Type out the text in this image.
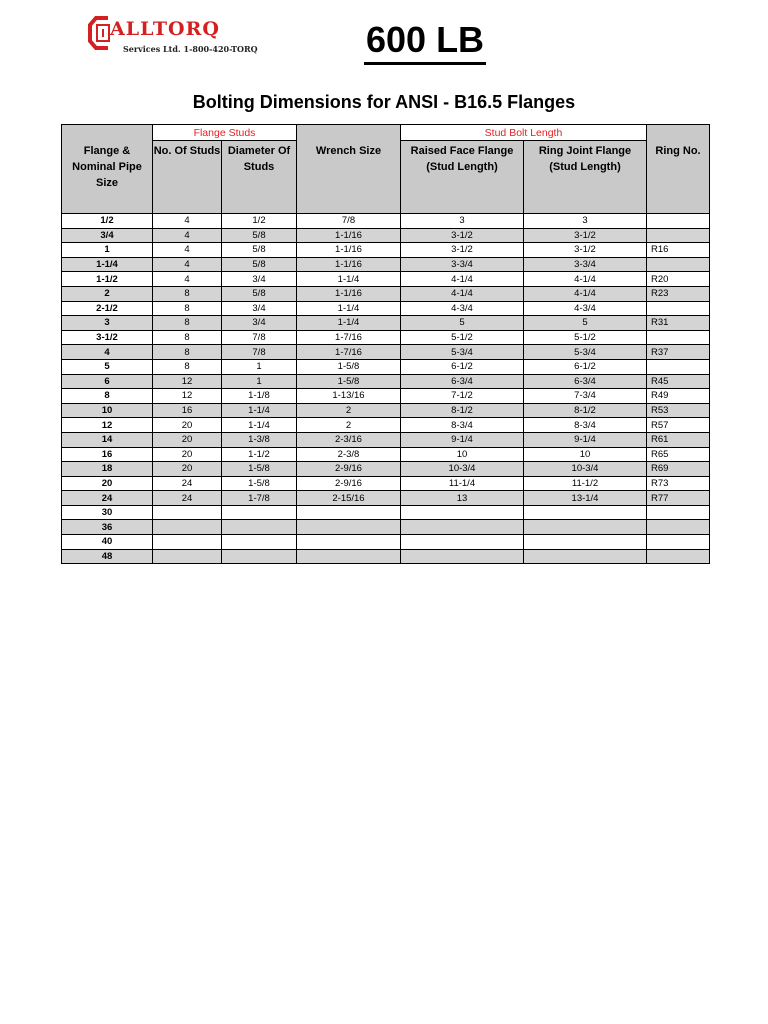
ALLTORQ
Services Ltd. 1-800-420-TORQ	600 LB
Bolting Dimensions for ANSI - B16.5 Flanges
Flange & Nominal Pipe Size	Flange Studs		Wrench Size	Stud Bolt Length		Ring No.
	No. Of Studs	Diameter Of Studs		Raised Face Flange (Stud Length)	Ring Joint Flange (Stud Length)	
1/2	4	1/2	7/8	3	3	
3/4	4	5/8	1-1/16	3-1/2	3-1/2	
1	4	5/8	1-1/16	3-1/2	3-1/2	R16
1-1/4	4	5/8	1-1/16	3-3/4	3-3/4	
1-1/2	4	3/4	1-1/4	4-1/4	4-1/4	R20
2	8	5/8	1-1/16	4-1/4	4-1/4	R23
2-1/2	8	3/4	1-1/4	4-3/4	4-3/4	
3	8	3/4	1-1/4	5	5	R31
3-1/2	8	7/8	1-7/16	5-1/2	5-1/2	
4	8	7/8	1-7/16	5-3/4	5-3/4	R37
5	8	1	1-5/8	6-1/2	6-1/2	
6	12	1	1-5/8	6-3/4	6-3/4	R45
8	12	1-1/8	1-13/16	7-1/2	7-3/4	R49
10	16	1-1/4	2	8-1/2	8-1/2	R53
12	20	1-1/4	2	8-3/4	8-3/4	R57
14	20	1-3/8	2-3/16	9-1/4	9-1/4	R61
16	20	1-1/2	2-3/8	10	10	R65
18	20	1-5/8	2-9/16	10-3/4	10-3/4	R69
20	24	1-5/8	2-9/16	11-1/4	11-1/2	R73
24	24	1-7/8	2-15/16	13	13-1/4	R77
30						
36						
40						
48						
